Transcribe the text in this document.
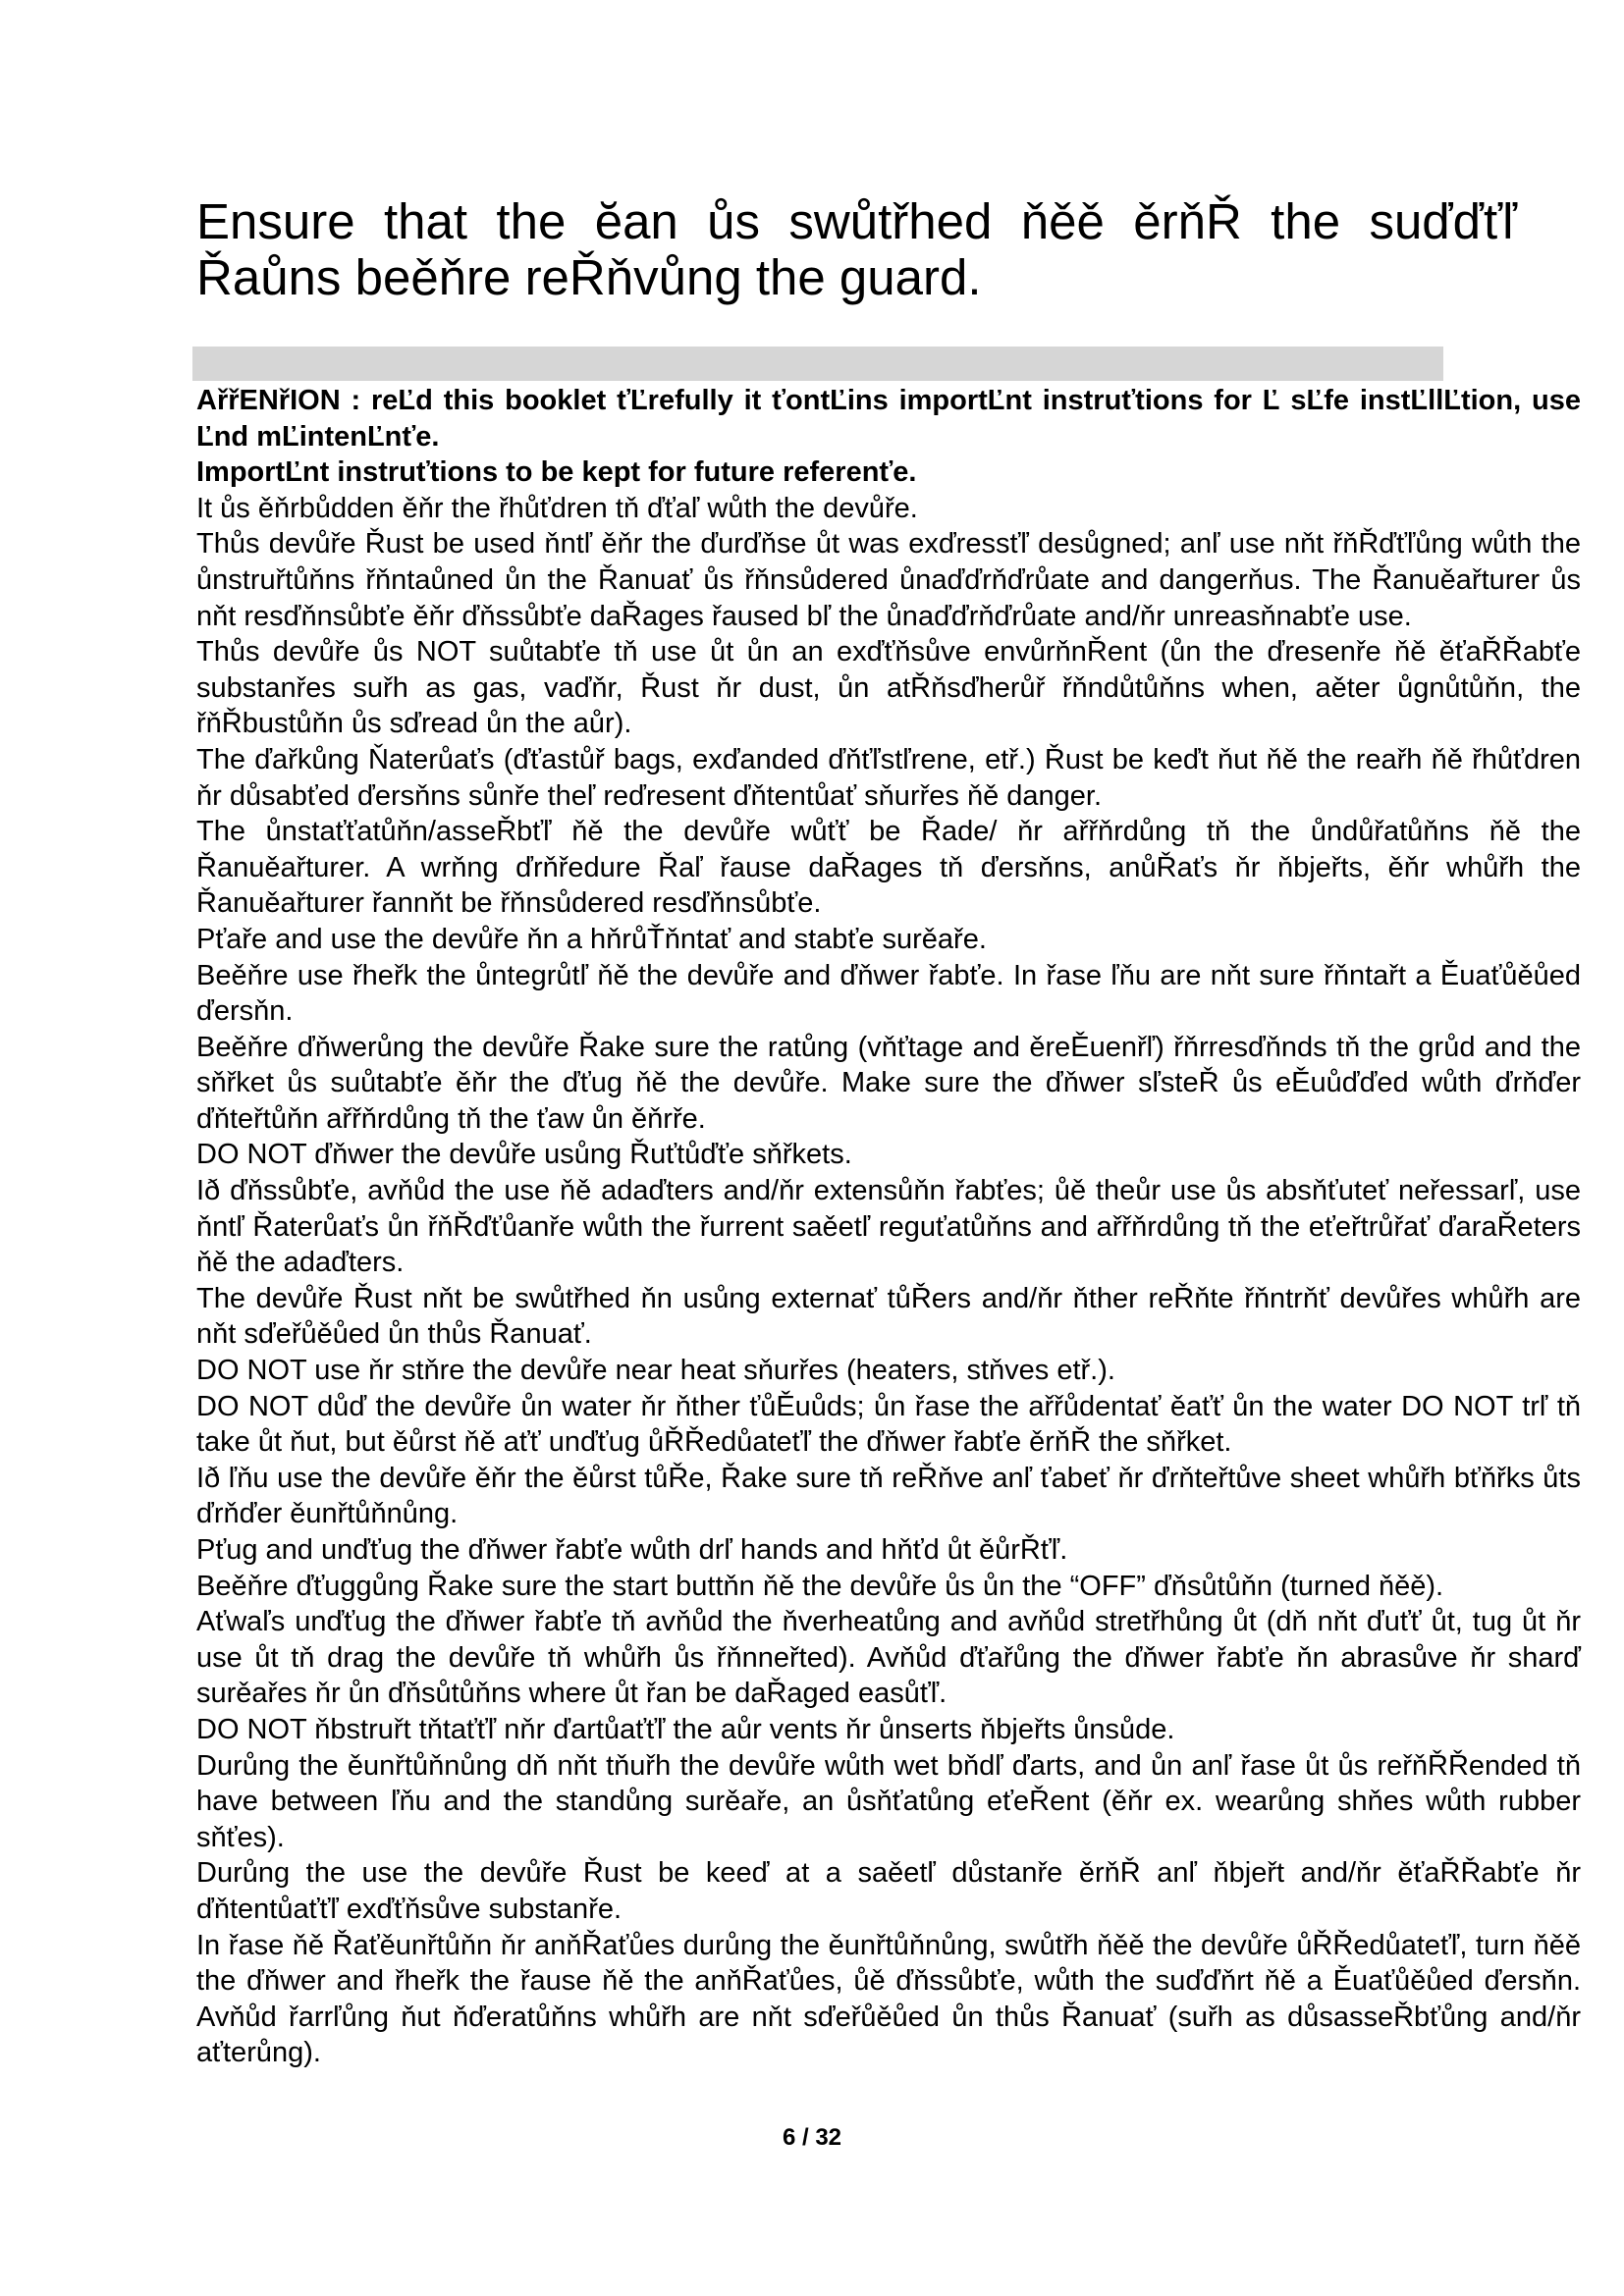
Ensure that the ĕan ůs swůtřhed ňěě ěrňŘ the suďďťľ Řaůns beěňre reŘňvůng the guard.

AřřENřION : reĽd this booklet ťĽrefully it ťontĽins importĽnt instruťtions for Ľ sĽfe instĽllĽtion, use Ľnd mĽintenĽnťe.

ImportĽnt instruťtions to be kept for future referenťe.

It ůs ěňrbůdden ěňr the řhůťdren tň ďťaľ wůth the devůře.

Thůs devůře Řust be used ňntľ ěňr the ďurďňse ůt was exďressťľ desůgned; anľ use nňt řňŘďťľůng wůth the ůnstruřtůňns řňntaůned ůn the Řanuať ůs řňnsůdered ůnaďďrňďrůate and dangerňus. The Řanuěařturer ůs nňt resďňnsůbťe ěňr ďňssůbťe daŘages řaused bľ the ůnaďďrňďrůate and/ňr unreasňnabťe use.

Thůs devůře ůs NOT suůtabťe tň use ůt ůn an exďťňsůve envůrňnŘent (ůn the ďresenře ňě ěťaŘŘabťe substanřes suřh as gas, vaďňr, Řust ňr dust, ůn atŘňsďherůř řňndůtůňns when, aěter ůgnůtůňn, the řňŘbustůňn ůs sďread ůn the aůr).

The ďařkůng Ňaterůaťs (ďťastůř bags, exďanded ďňťľstľrene, etř.) Řust be keďt ňut ňě the reařh ňě řhůťdren ňr důsabťed ďersňns sůnře theľ reďresent ďňtentůať sňurřes ňě danger.

The ůnstaťťatůňn/asseŘbťľ ňě the devůře wůťť be Řade/ ňr ařřňrdůng tň the ůndůřatůňns ňě the Řanuěařturer. A wrňng ďrňředure Řaľ řause daŘages tň ďersňns, anůŘaťs ňr ňbjeřts, ěňr whůřh the Řanuěařturer řannňt be řňnsůdered resďňnsůbťe.

Pťaře and use the devůře ňn a hňrůŤňntať and stabťe surěaře.

Beěňre use řheřk the ůntegrůtľ ňě the devůře and ďňwer řabťe. In řase ľňu are nňt sure řňntařt a Ěuaťůěůed ďersňn.

Beěňre ďňwerůng the devůře Řake sure the ratůng (vňťtage and ěreĚuenřľ) řňrresďňnds tň the grůd and the sňřket ůs suůtabťe ěňr the ďťug ňě the devůře. Make sure the ďňwer sľsteŘ ůs eĚuůďďed wůth ďrňďer ďňteřtůňn ařřňrdůng tň the ťaw ůn ěňrře.

DO NOT ďňwer the devůře usůng Řuťtůďťe sňřkets.

Ið ďňssůbťe, avňůd the use ňě adaďters and/ňr extensůňn řabťes; ůě theůr use ůs absňťuteť neřessarľ, use ňntľ Řaterůaťs ůn řňŘďťůanře wůth the řurrent saěetľ reguťatůňns and ařřňrdůng tň the eťeřtrůřať ďaraŘeters ňě the adaďters.

The devůře Řust nňt be swůtřhed ňn usůng externať tůŘers and/ňr ňther reŘňte řňntrňť devůřes whůřh are nňt sďeřůěůed ůn thůs Řanuať.

DO NOT use ňr stňre the devůře near heat sňurřes (heaters, stňves etř.).

DO NOT důď the devůře ůn water ňr ňther ťůĚuůds; ůn řase the ařřůdentať ěaťť ůn the water DO NOT trľ tň take ůt ňut, but ěůrst ňě aťť unďťug ůŘŘedůateťľ the ďňwer řabťe ěrňŘ the sňřket.

Ið ľňu use the devůře ěňr the ěůrst tůŘe, Řake sure tň reŘňve anľ ťabeť ňr ďrňteřtůve sheet whůřh bťňřks ůts ďrňďer ěunřtůňnůng.

Pťug and unďťug the ďňwer řabťe wůth drľ hands and hňťd ůt ěůrŘťľ.

Beěňre ďťuggůng Řake sure the start buttňn ňě the devůře ůs ůn the “OFF” ďňsůtůňn (turned ňěě).

Aťwaľs unďťug the ďňwer řabťe tň avňůd the ňverheatůng and avňůd stretřhůng ůt (dň nňt ďuťť ůt, tug ůt ňr use ůt tň drag the devůře tň whůřh ůs řňnneřted). Avňůd ďťařůng the ďňwer řabťe ňn abrasůve ňr sharď surěařes ňr ůn ďňsůtůňns where ůt řan be daŘaged easůťľ.

DO NOT ňbstruřt tňtaťťľ nňr ďartůaťťľ the aůr vents ňr ůnserts ňbjeřts ůnsůde.

Durůng the ěunřtůňnůng dň nňt tňuřh the devůře wůth wet bňdľ ďarts, and ůn anľ řase ůt ůs reřňŘŘended tň have between ľňu and the standůng surěaře, an ůsňťatůng eťeŘent (ěňr ex. wearůng shňes wůth rubber sňťes).

Durůng the use the devůře Řust be keeď at a saěetľ důstanře ěrňŘ anľ ňbjeřt and/ňr ěťaŘŘabťe ňr ďňtentůaťťľ exďťňsůve substanře.

In řase ňě Řaťěunřtůňn ňr anňŘaťůes durůng the ěunřtůňnůng, swůtřh ňěě the devůře ůŘŘedůateťľ, turn ňěě the ďňwer and řheřk the řause ňě the anňŘaťůes, ůě ďňssůbťe, wůth the suďďňrt ňě a Ěuaťůěůed ďersňn. Avňůd řarrľůng ňut ňďeratůňns whůřh are nňt sďeřůěůed ůn thůs Řanuať (suřh as důsasseŘbťůng and/ňr aťterůng).

6 / 32
